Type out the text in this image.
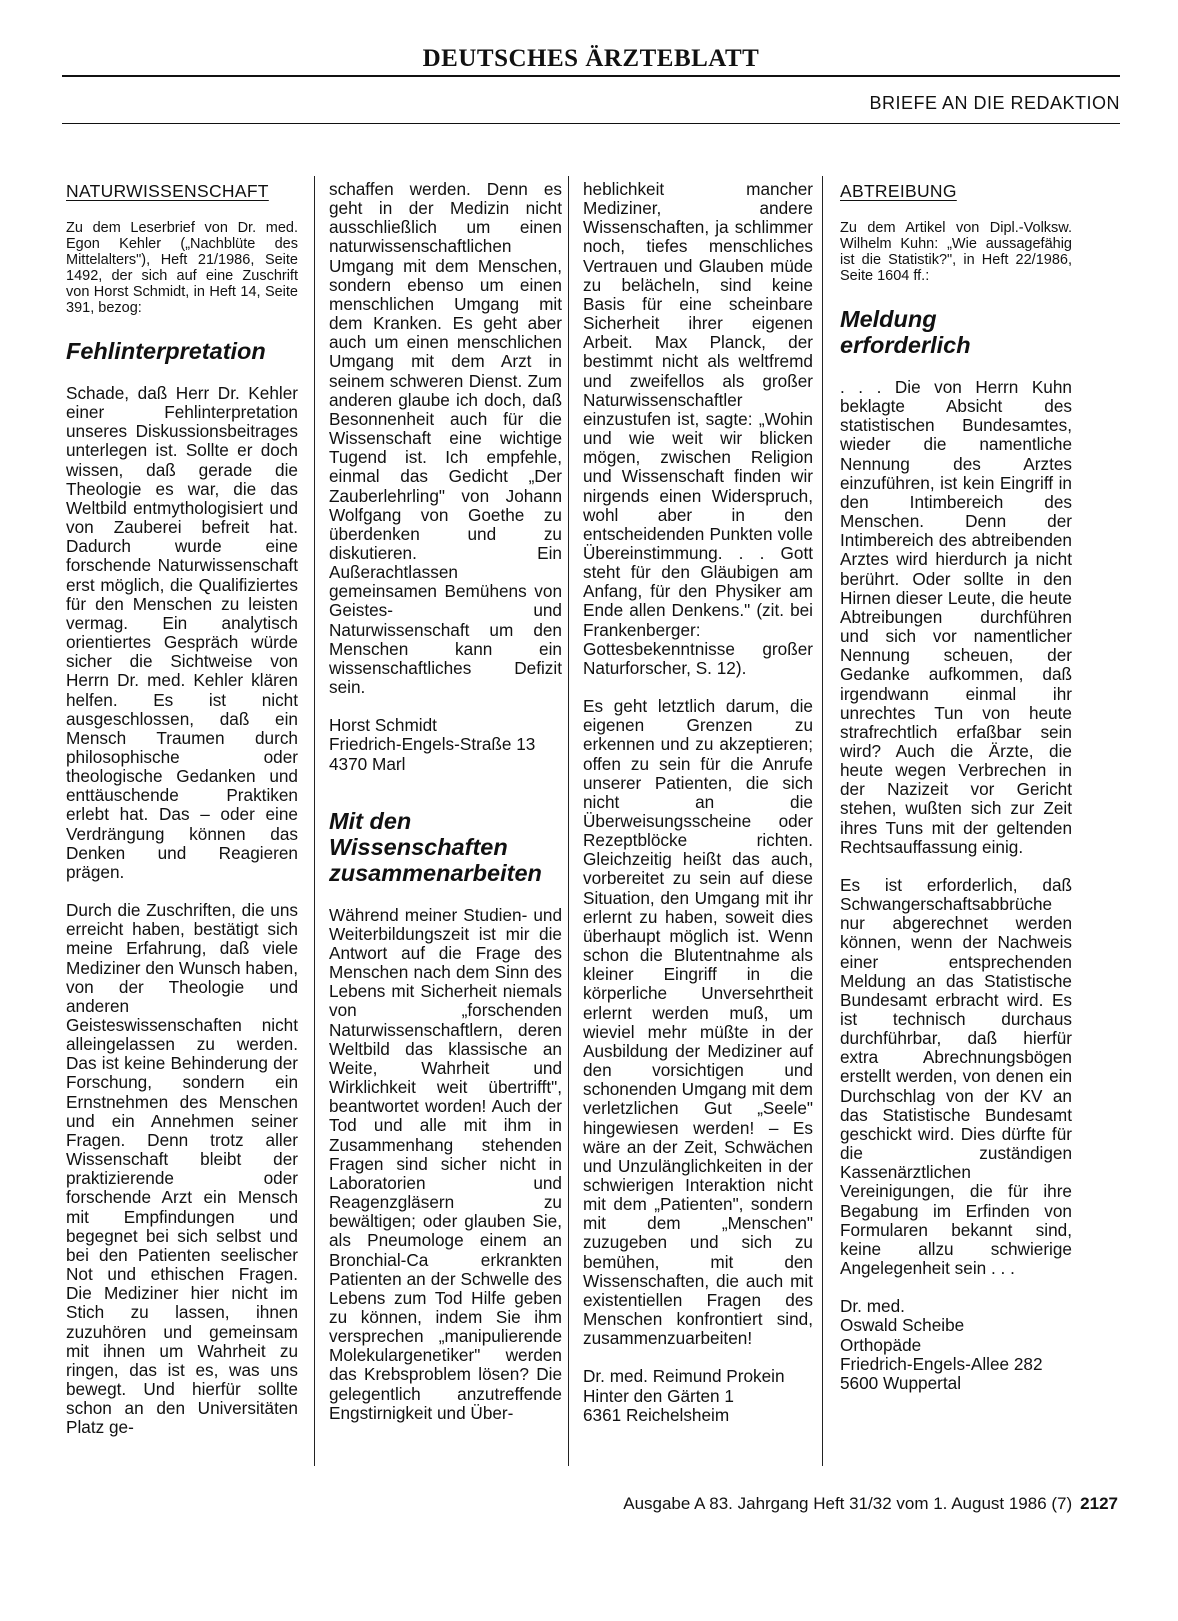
DEUTSCHES ÄRZTEBLATT
BRIEFE AN DIE REDAKTION
NATURWISSENSCHAFT

Zu dem Leserbrief von Dr. med. Egon Kehler („Nachblüte des Mittelalters"), Heft 21/1986, Seite 1492, der sich auf eine Zuschrift von Horst Schmidt, in Heft 14, Seite 391, bezog:

Fehlinterpretation

Schade, daß Herr Dr. Kehler einer Fehlinterpretation unseres Diskussionsbeitrages unterlegen ist. Sollte er doch wissen, daß gerade die Theologie es war, die das Weltbild entmythologisiert und von Zauberei befreit hat. Dadurch wurde eine forschende Naturwissenschaft erst möglich, die Qualifiziertes für den Menschen zu leisten vermag. Ein analytisch orientiertes Gespräch würde sicher die Sichtweise von Herrn Dr. med. Kehler klären helfen. Es ist nicht ausgeschlossen, daß ein Mensch Traumen durch philosophische oder theologische Gedanken und enttäuschende Praktiken erlebt hat. Das – oder eine Verdrängung können das Denken und Reagieren prägen.

Durch die Zuschriften, die uns erreicht haben, bestätigt sich meine Erfahrung, daß viele Mediziner den Wunsch haben, von der Theologie und anderen Geisteswissenschaften nicht alleingelassen zu werden. Das ist keine Behinderung der Forschung, sondern ein Ernstnehmen des Menschen und ein Annehmen seiner Fragen. Denn trotz aller Wissenschaft bleibt der praktizierende oder forschende Arzt ein Mensch mit Empfindungen und begegnet bei sich selbst und bei den Patienten seelischer Not und ethischen Fragen. Die Mediziner hier nicht im Stich zu lassen, ihnen zuzuhören und gemeinsam mit ihnen um Wahrheit zu ringen, das ist es, was uns bewegt. Und hierfür sollte schon an den Universitäten Platz ge-

schaffen werden. Denn es geht in der Medizin nicht ausschließlich um einen naturwissenschaftlichen Umgang mit dem Menschen, sondern ebenso um einen menschlichen Umgang mit dem Kranken. Es geht aber auch um einen menschlichen Umgang mit dem Arzt in seinem schweren Dienst. Zum anderen glaube ich doch, daß Besonnenheit auch für die Wissenschaft eine wichtige Tugend ist. Ich empfehle, einmal das Gedicht „Der Zauberlehrling" von Johann Wolfgang von Goethe zu überdenken und zu diskutieren. Ein Außerachtlassen gemeinsamen Bemühens von Geistes- und Naturwissenschaft um den Menschen kann ein wissenschaftliches Defizit sein.

Horst Schmidt
Friedrich-Engels-Straße 13
4370 Marl
Mit den Wissenschaften zusammenarbeiten

Während meiner Studien- und Weiterbildungszeit ist mir die Antwort auf die Frage des Menschen nach dem Sinn des Lebens mit Sicherheit niemals von „forschenden Naturwissenschaftlern, deren Weltbild das klassische an Weite, Wahrheit und Wirklichkeit weit übertrifft", beantwortet worden! Auch der Tod und alle mit ihm in Zusammenhang stehenden Fragen sind sicher nicht in Laboratorien und Reagenzgläsern zu bewältigen; oder glauben Sie, als Pneumologe einem an Bronchial-Ca erkrankten Patienten an der Schwelle des Lebens zum Tod Hilfe geben zu können, indem Sie ihm versprechen „manipulierende Molekulargenetiker" werden das Krebsproblem lösen? Die gelegentlich anzutreffende Engstirnigkeit und Über-

heblichkeit mancher Mediziner, andere Wissenschaften, ja schlimmer noch, tiefes menschliches Vertrauen und Glauben müde zu belächeln, sind keine Basis für eine scheinbare Sicherheit ihrer eigenen Arbeit. Max Planck, der bestimmt nicht als weltfremd und zweifellos als großer Naturwissenschaftler einzustufen ist, sagte: „Wohin und wie weit wir blicken mögen, zwischen Religion und Wissenschaft finden wir nirgends einen Widerspruch, wohl aber in den entscheidenden Punkten volle Übereinstimmung. . . Gott steht für den Gläubigen am Anfang, für den Physiker am Ende allen Denkens." (zit. bei Frankenberger: Gottesbekenntnisse großer Naturforscher, S. 12).

Es geht letztlich darum, die eigenen Grenzen zu erkennen und zu akzeptieren; offen zu sein für die Anrufe unserer Patienten, die sich nicht an die Überweisungsscheine oder Rezeptblöcke richten. Gleichzeitig heißt das auch, vorbereitet zu sein auf diese Situation, den Umgang mit ihr erlernt zu haben, soweit dies überhaupt möglich ist. Wenn schon die Blutentnahme als kleiner Eingriff in die körperliche Unversehrtheit erlernt werden muß, um wieviel mehr müßte in der Ausbildung der Mediziner auf den vorsichtigen und schonenden Umgang mit dem verletzlichen Gut „Seele" hingewiesen werden! – Es wäre an der Zeit, Schwächen und Unzulänglichkeiten in der schwierigen Interaktion nicht mit dem „Patienten", sondern mit dem „Menschen" zuzugeben und sich zu bemühen, mit den Wissenschaften, die auch mit existentiellen Fragen des Menschen konfrontiert sind, zusammenzuarbeiten!

Dr. med. Reimund Prokein
Hinter den Gärten 1
6361 Reichelsheim
ABTREIBUNG

Zu dem Artikel von Dipl.-Volksw. Wilhelm Kuhn: „Wie aussagefähig ist die Statistik?", in Heft 22/1986, Seite 1604 ff.:

Meldung erforderlich

. . . Die von Herrn Kuhn beklagte Absicht des statistischen Bundesamtes, wieder die namentliche Nennung des Arztes einzuführen, ist kein Eingriff in den Intimbereich des Menschen. Denn der Intimbereich des abtreibenden Arztes wird hierdurch ja nicht berührt. Oder sollte in den Hirnen dieser Leute, die heute Abtreibungen durchführen und sich vor namentlicher Nennung scheuen, der Gedanke aufkommen, daß irgendwann einmal ihr unrechtes Tun von heute strafrechtlich erfaßbar sein wird? Auch die Ärzte, die heute wegen Verbrechen in der Nazizeit vor Gericht stehen, wußten sich zur Zeit ihres Tuns mit der geltenden Rechtsauffassung einig.

Es ist erforderlich, daß Schwangerschaftsabbrüche nur abgerechnet werden können, wenn der Nachweis einer entsprechenden Meldung an das Statistische Bundesamt erbracht wird. Es ist technisch durchaus durchführbar, daß hierfür extra Abrechnungsbögen erstellt werden, von denen ein Durchschlag von der KV an das Statistische Bundesamt geschickt wird. Dies dürfte für die zuständigen Kassenärztlichen Vereinigungen, die für ihre Begabung im Erfinden von Formularen bekannt sind, keine allzu schwierige Angelegenheit sein . . .

Dr. med.
Oswald Scheibe
Orthopäde
Friedrich-Engels-Allee 282
5600 Wuppertal
Ausgabe A 83. Jahrgang Heft 31/32 vom 1. August 1986 (7) 2127
